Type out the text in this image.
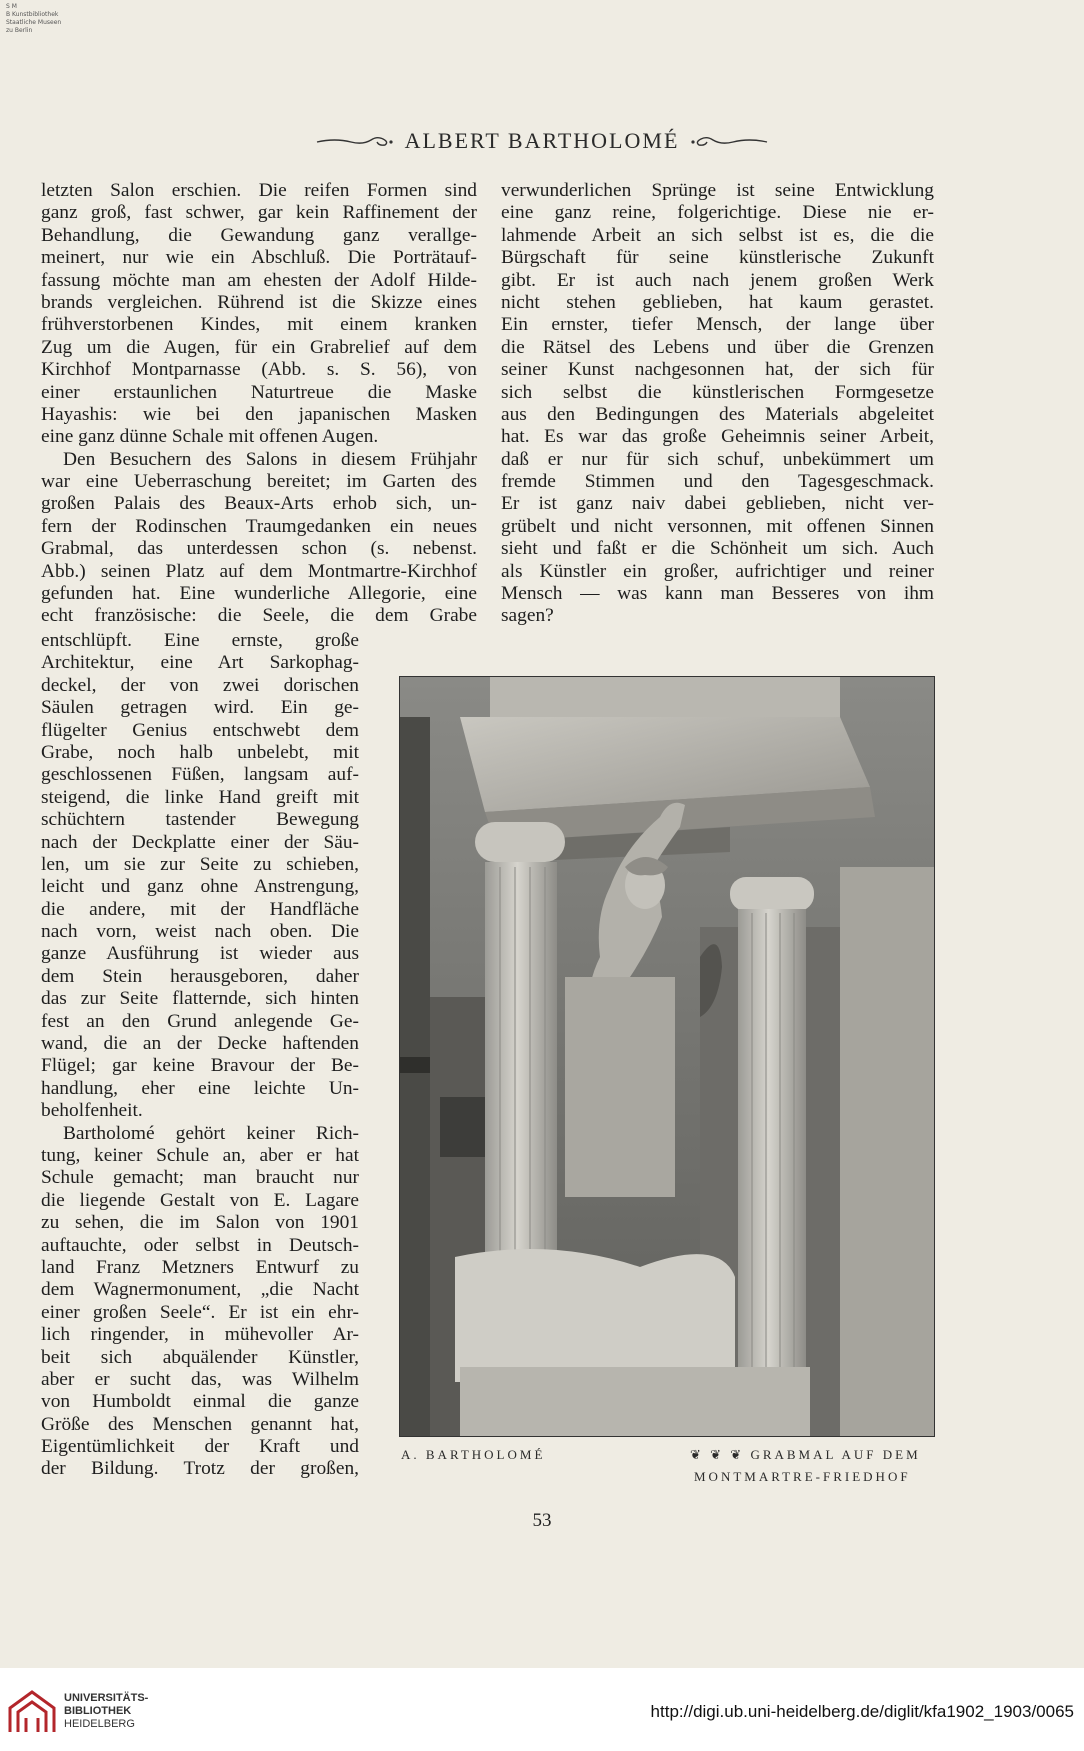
S M
B Kunstbibliothek
Staatliche Museen
zu Berlin
ALBERT BARTHOLOMÉ
letzten Salon erschien. Die reifen Formen sind
ganz groß, fast schwer, gar kein Raffinement der
Behandlung, die Gewandung ganz verallge-
meinert, nur wie ein Abschluß. Die Porträtauf-
fassung möchte man am ehesten der Adolf Hilde-
brands vergleichen. Rührend ist die Skizze eines
frühverstorbenen Kindes, mit einem kranken
Zug um die Augen, für ein Grabrelief auf dem
Kirchhof Montparnasse (Abb. s. S. 56), von
einer erstaunlichen Naturtreue die Maske
Hayashis: wie bei den japanischen Masken
eine ganz dünne Schale mit offenen Augen.
Den Besuchern des Salons in diesem Frühjahr
war eine Ueberraschung bereitet; im Garten des
großen Palais des Beaux-Arts erhob sich, un-
fern der Rodinschen Traumgedanken ein neues
Grabmal, das unterdessen schon (s. nebenst.
Abb.) seinen Platz auf dem Montmartre-Kirchhof
gefunden hat. Eine wunderliche Allegorie, eine
echt französische: die Seele, die dem Grabe
entschlüpft. Eine ernste, große
Architektur, eine Art Sarkophag-
deckel, der von zwei dorischen
Säulen getragen wird. Ein ge-
flügelter Genius entschwebt dem
Grabe, noch halb unbelebt, mit
geschlossenen Füßen, langsam auf-
steigend, die linke Hand greift mit
schüchtern tastender Bewegung
nach der Deckplatte einer der Säu-
len, um sie zur Seite zu schieben,
leicht und ganz ohne Anstrengung,
die andere, mit der Handfläche
nach vorn, weist nach oben. Die
ganze Ausführung ist wieder aus
dem Stein herausgeboren, daher
das zur Seite flatternde, sich hinten
fest an den Grund anlegende Ge-
wand, die an der Decke haftenden
Flügel; gar keine Bravour der Be-
handlung, eher eine leichte Un-
beholfenheit.
Bartholomé gehört keiner Rich-
tung, keiner Schule an, aber er hat
Schule gemacht; man braucht nur
die liegende Gestalt von E. Lagare
zu sehen, die im Salon von 1901
auftauchte, oder selbst in Deutsch-
land Franz Metzners Entwurf zu
dem Wagnermonument, „die Nacht
einer großen Seele“. Er ist ein ehr-
lich ringender, in mühevoller Ar-
beit sich abquälender Künstler,
aber er sucht das, was Wilhelm
von Humboldt einmal die ganze
Größe des Menschen genannt hat,
Eigentümlichkeit der Kraft und
der Bildung. Trotz der großen,
verwunderlichen Sprünge ist seine Entwicklung
eine ganz reine, folgerichtige. Diese nie er-
lahmende Arbeit an sich selbst ist es, die die
Bürgschaft für seine künstlerische Zukunft
gibt. Er ist auch nach jenem großen Werk
nicht stehen geblieben, hat kaum gerastet.
Ein ernster, tiefer Mensch, der lange über
die Rätsel des Lebens und über die Grenzen
seiner Kunst nachgesonnen hat, der sich für
sich selbst die künstlerischen Formgesetze
aus den Bedingungen des Materials abgeleitet
hat. Es war das große Geheimnis seiner Arbeit,
daß er nur für sich schuf, unbekümmert um
fremde Stimmen und den Tagesgeschmack.
Er ist ganz naiv dabei geblieben, nicht ver-
grübelt und nicht versonnen, mit offenen Sinnen
sieht und faßt er die Schönheit um sich. Auch
als Künstler ein großer, aufrichtiger und reiner
Mensch — was kann man Besseres von ihm
sagen?
A. BARTHOLOMÉ	❦ ❦ ❦ GRABMAL AUF DEM
MONTMARTRE-FRIEDHOF
53
UNIVERSITÄTS-
BIBLIOTHEK
HEIDELBERG
http://digi.ub.uni-heidelberg.de/diglit/kfa1902_1903/0065
